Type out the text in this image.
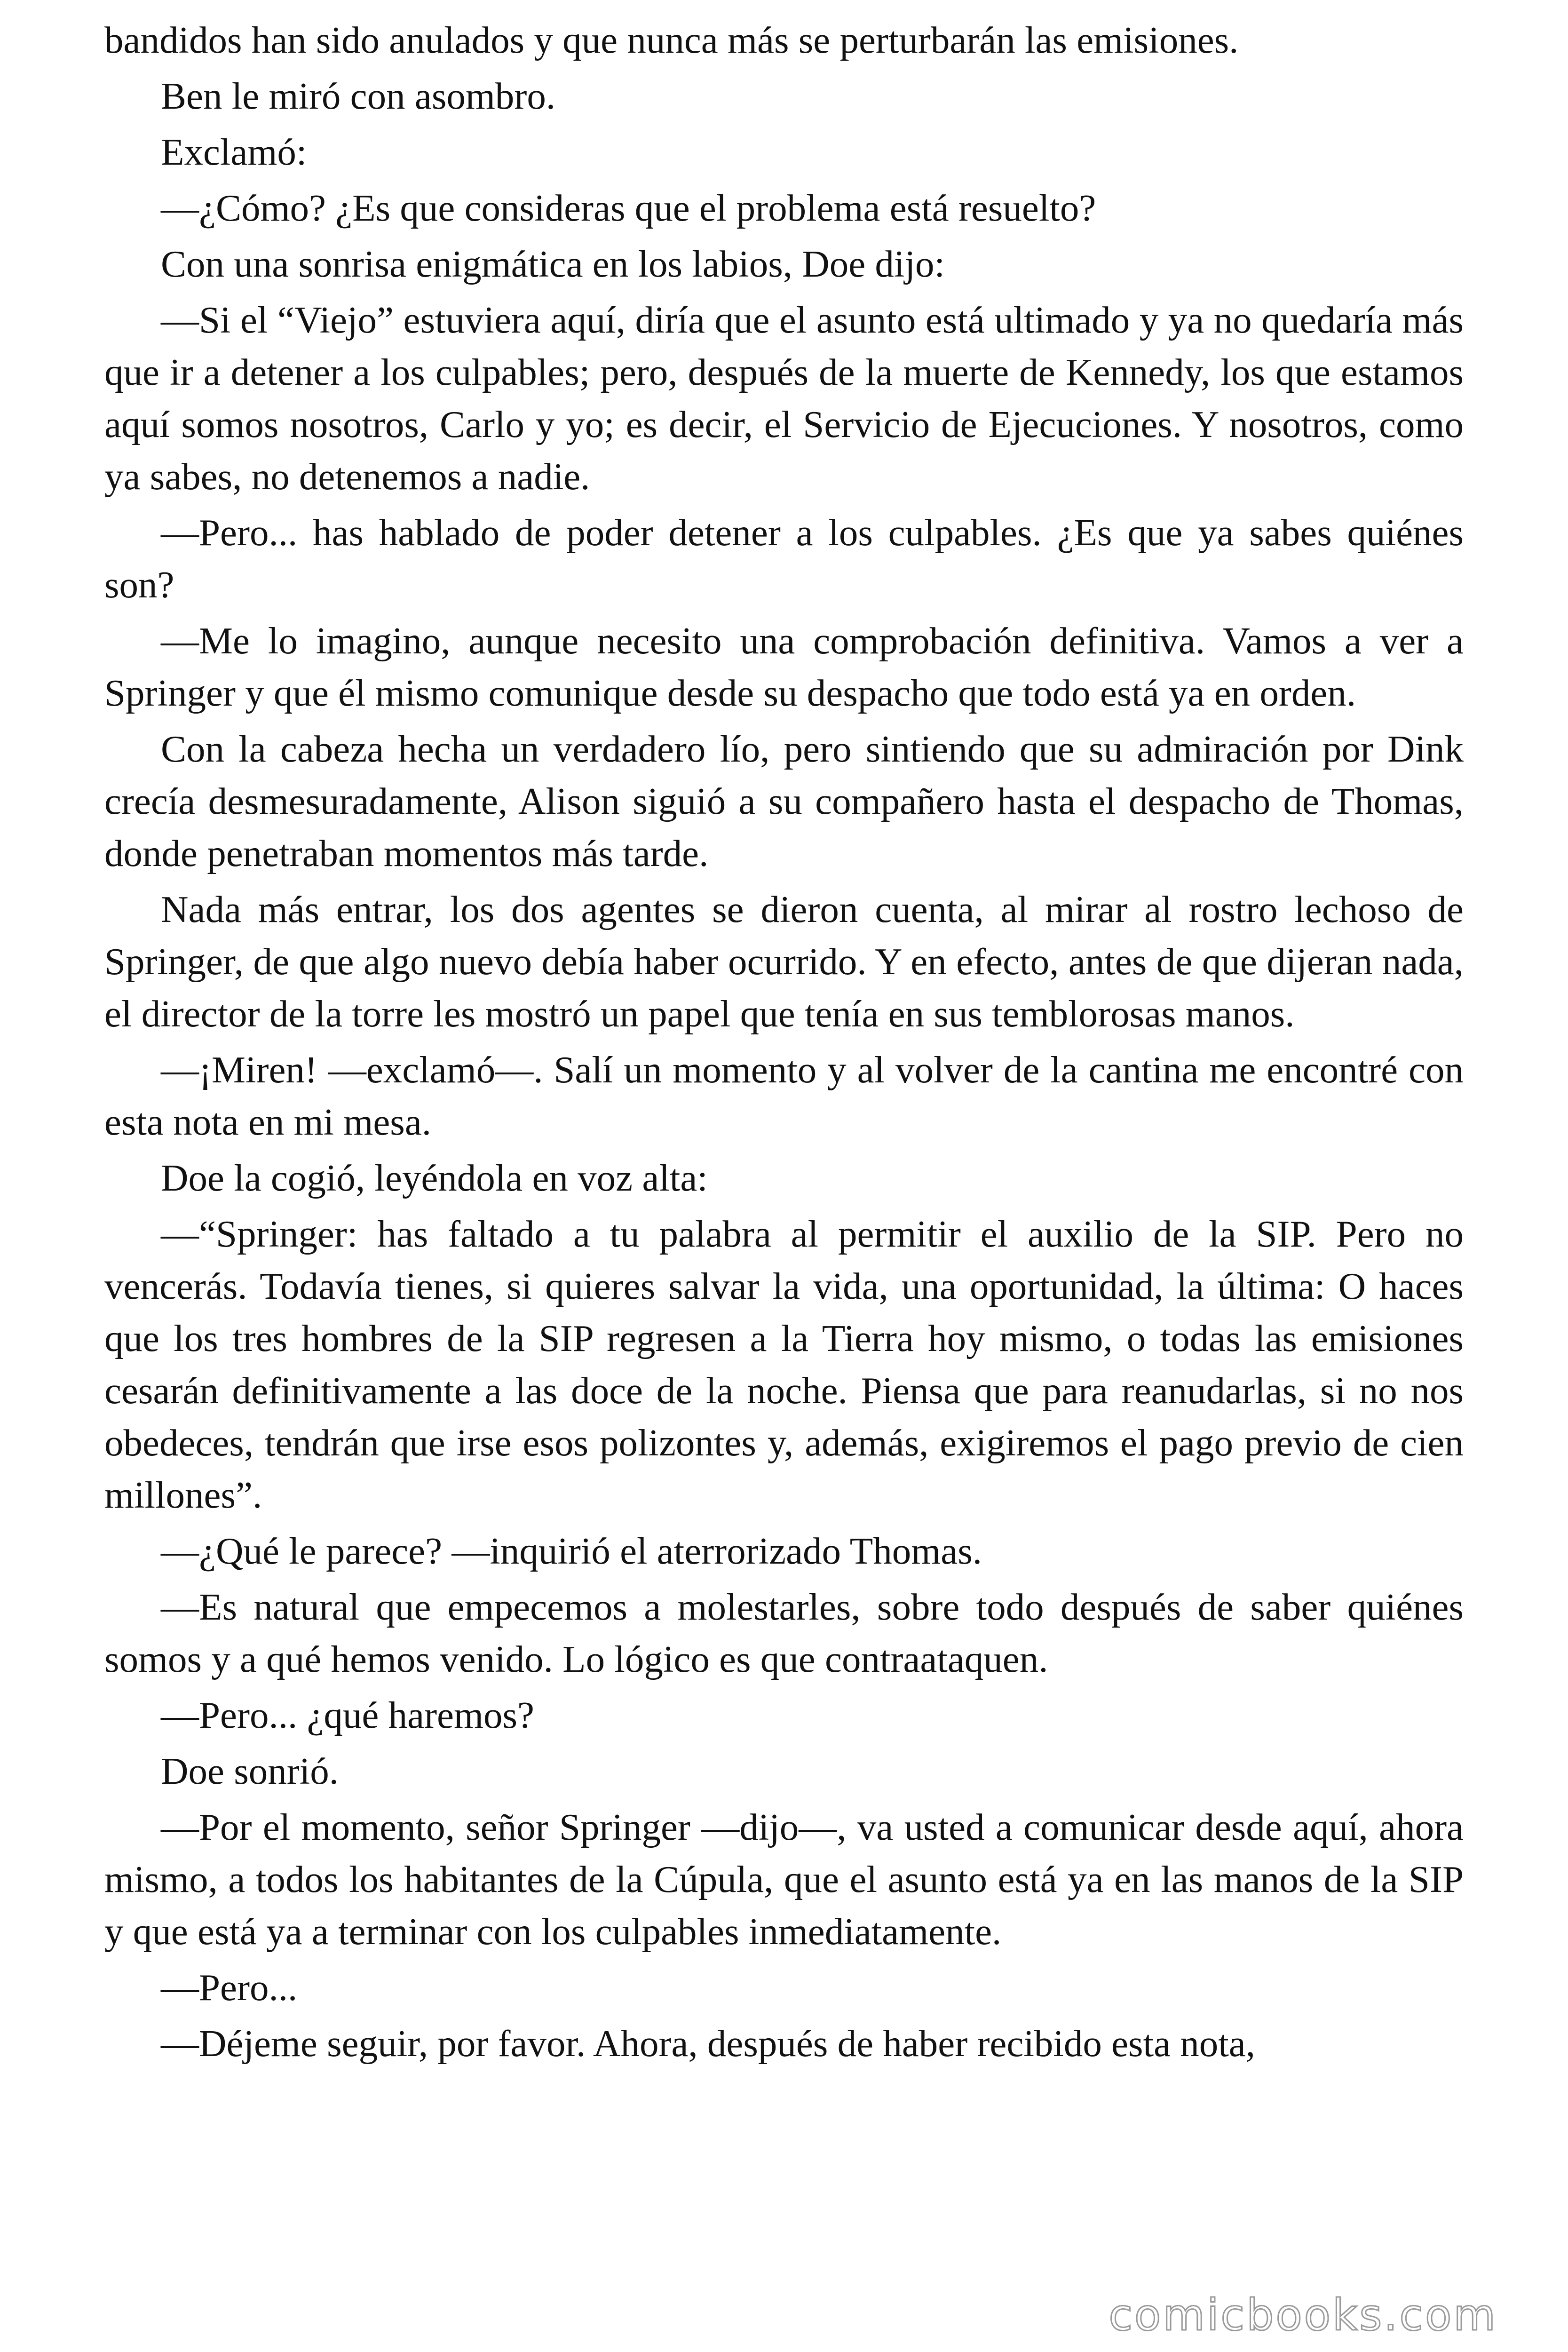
bandidos han sido anulados y que nunca más se perturbarán las emisiones.

Ben le miró con asombro.

Exclamó:

—¿Cómo? ¿Es que consideras que el problema está resuelto?

Con una sonrisa enigmática en los labios, Doe dijo:

—Si el “Viejo” estuviera aquí, diría que el asunto está ultimado y ya no quedaría más que ir a detener a los culpables; pero, después de la muerte de Kennedy, los que estamos aquí somos nosotros, Carlo y yo; es decir, el Servicio de Ejecuciones. Y nosotros, como ya sabes, no detenemos a nadie.

—Pero... has hablado de poder detener a los culpables. ¿Es que ya sabes quiénes son?

—Me lo imagino, aunque necesito una comprobación definitiva. Vamos a ver a Springer y que él mismo comunique desde su despacho que todo está ya en orden.

Con la cabeza hecha un verdadero lío, pero sintiendo que su admiración por Dink crecía desmesuradamente, Alison siguió a su compañero hasta el despacho de Thomas, donde penetraban momentos más tarde.

Nada más entrar, los dos agentes se dieron cuenta, al mirar al rostro lechoso de Springer, de que algo nuevo debía haber ocurrido. Y en efecto, antes de que dijeran nada, el director de la torre les mostró un papel que tenía en sus temblorosas manos.

—¡Miren! —exclamó—. Salí un momento y al volver de la cantina me encontré con esta nota en mi mesa.

Doe la cogió, leyéndola en voz alta:

—“Springer: has faltado a tu palabra al permitir el auxilio de la SIP. Pero no vencerás. Todavía tienes, si quieres salvar la vida, una oportunidad, la última: O haces que los tres hombres de la SIP regresen a la Tierra hoy mismo, o todas las emisiones cesarán definitivamente a las doce de la noche. Piensa que para reanudarlas, si no nos obedeces, tendrán que irse esos polizontes y, además, exigiremos el pago previo de cien millones”.

—¿Qué le parece? —inquirió el aterrorizado Thomas.

—Es natural que empecemos a molestarles, sobre todo después de saber quiénes somos y a qué hemos venido. Lo lógico es que contraataquen.

—Pero... ¿qué haremos?

Doe sonrió.

—Por el momento, señor Springer —dijo—, va usted a comunicar desde aquí, ahora mismo, a todos los habitantes de la Cúpula, que el asunto está ya en las manos de la SIP y que está ya a terminar con los culpables inmediatamente.

—Pero...

—Déjeme seguir, por favor. Ahora, después de haber recibido esta nota,

comicbooks.com
